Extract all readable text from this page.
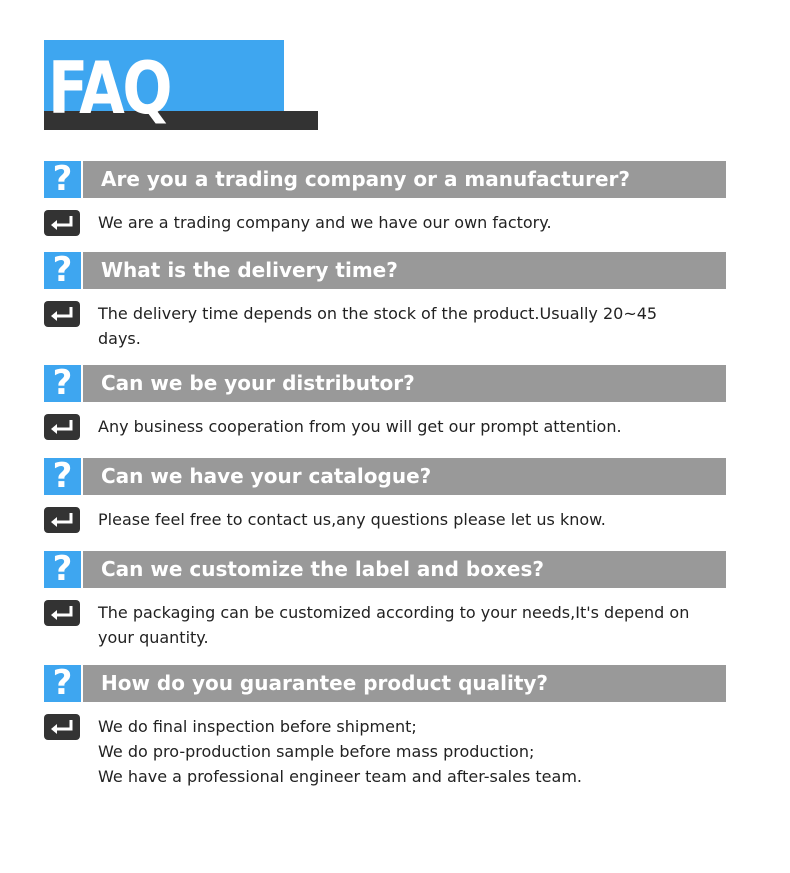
FAQ
?	Are you a trading company or a manufacturer?
We are a trading company and we have our own factory.
?	What is the delivery time?
The delivery time depends on the stock of the product.Usually 20~45
days.
?	Can we be your distributor?
Any business cooperation from you will get our prompt attention.
?	Can we have your catalogue?
Please feel free to contact us,any questions please let us know.
?	Can we customize the label and boxes?
The packaging can be customized according to your needs,It's depend on
your quantity.
?	How do you guarantee product quality?
We do final inspection before shipment;
We do pro-production sample before mass production;
We have a professional engineer team and after-sales team.
